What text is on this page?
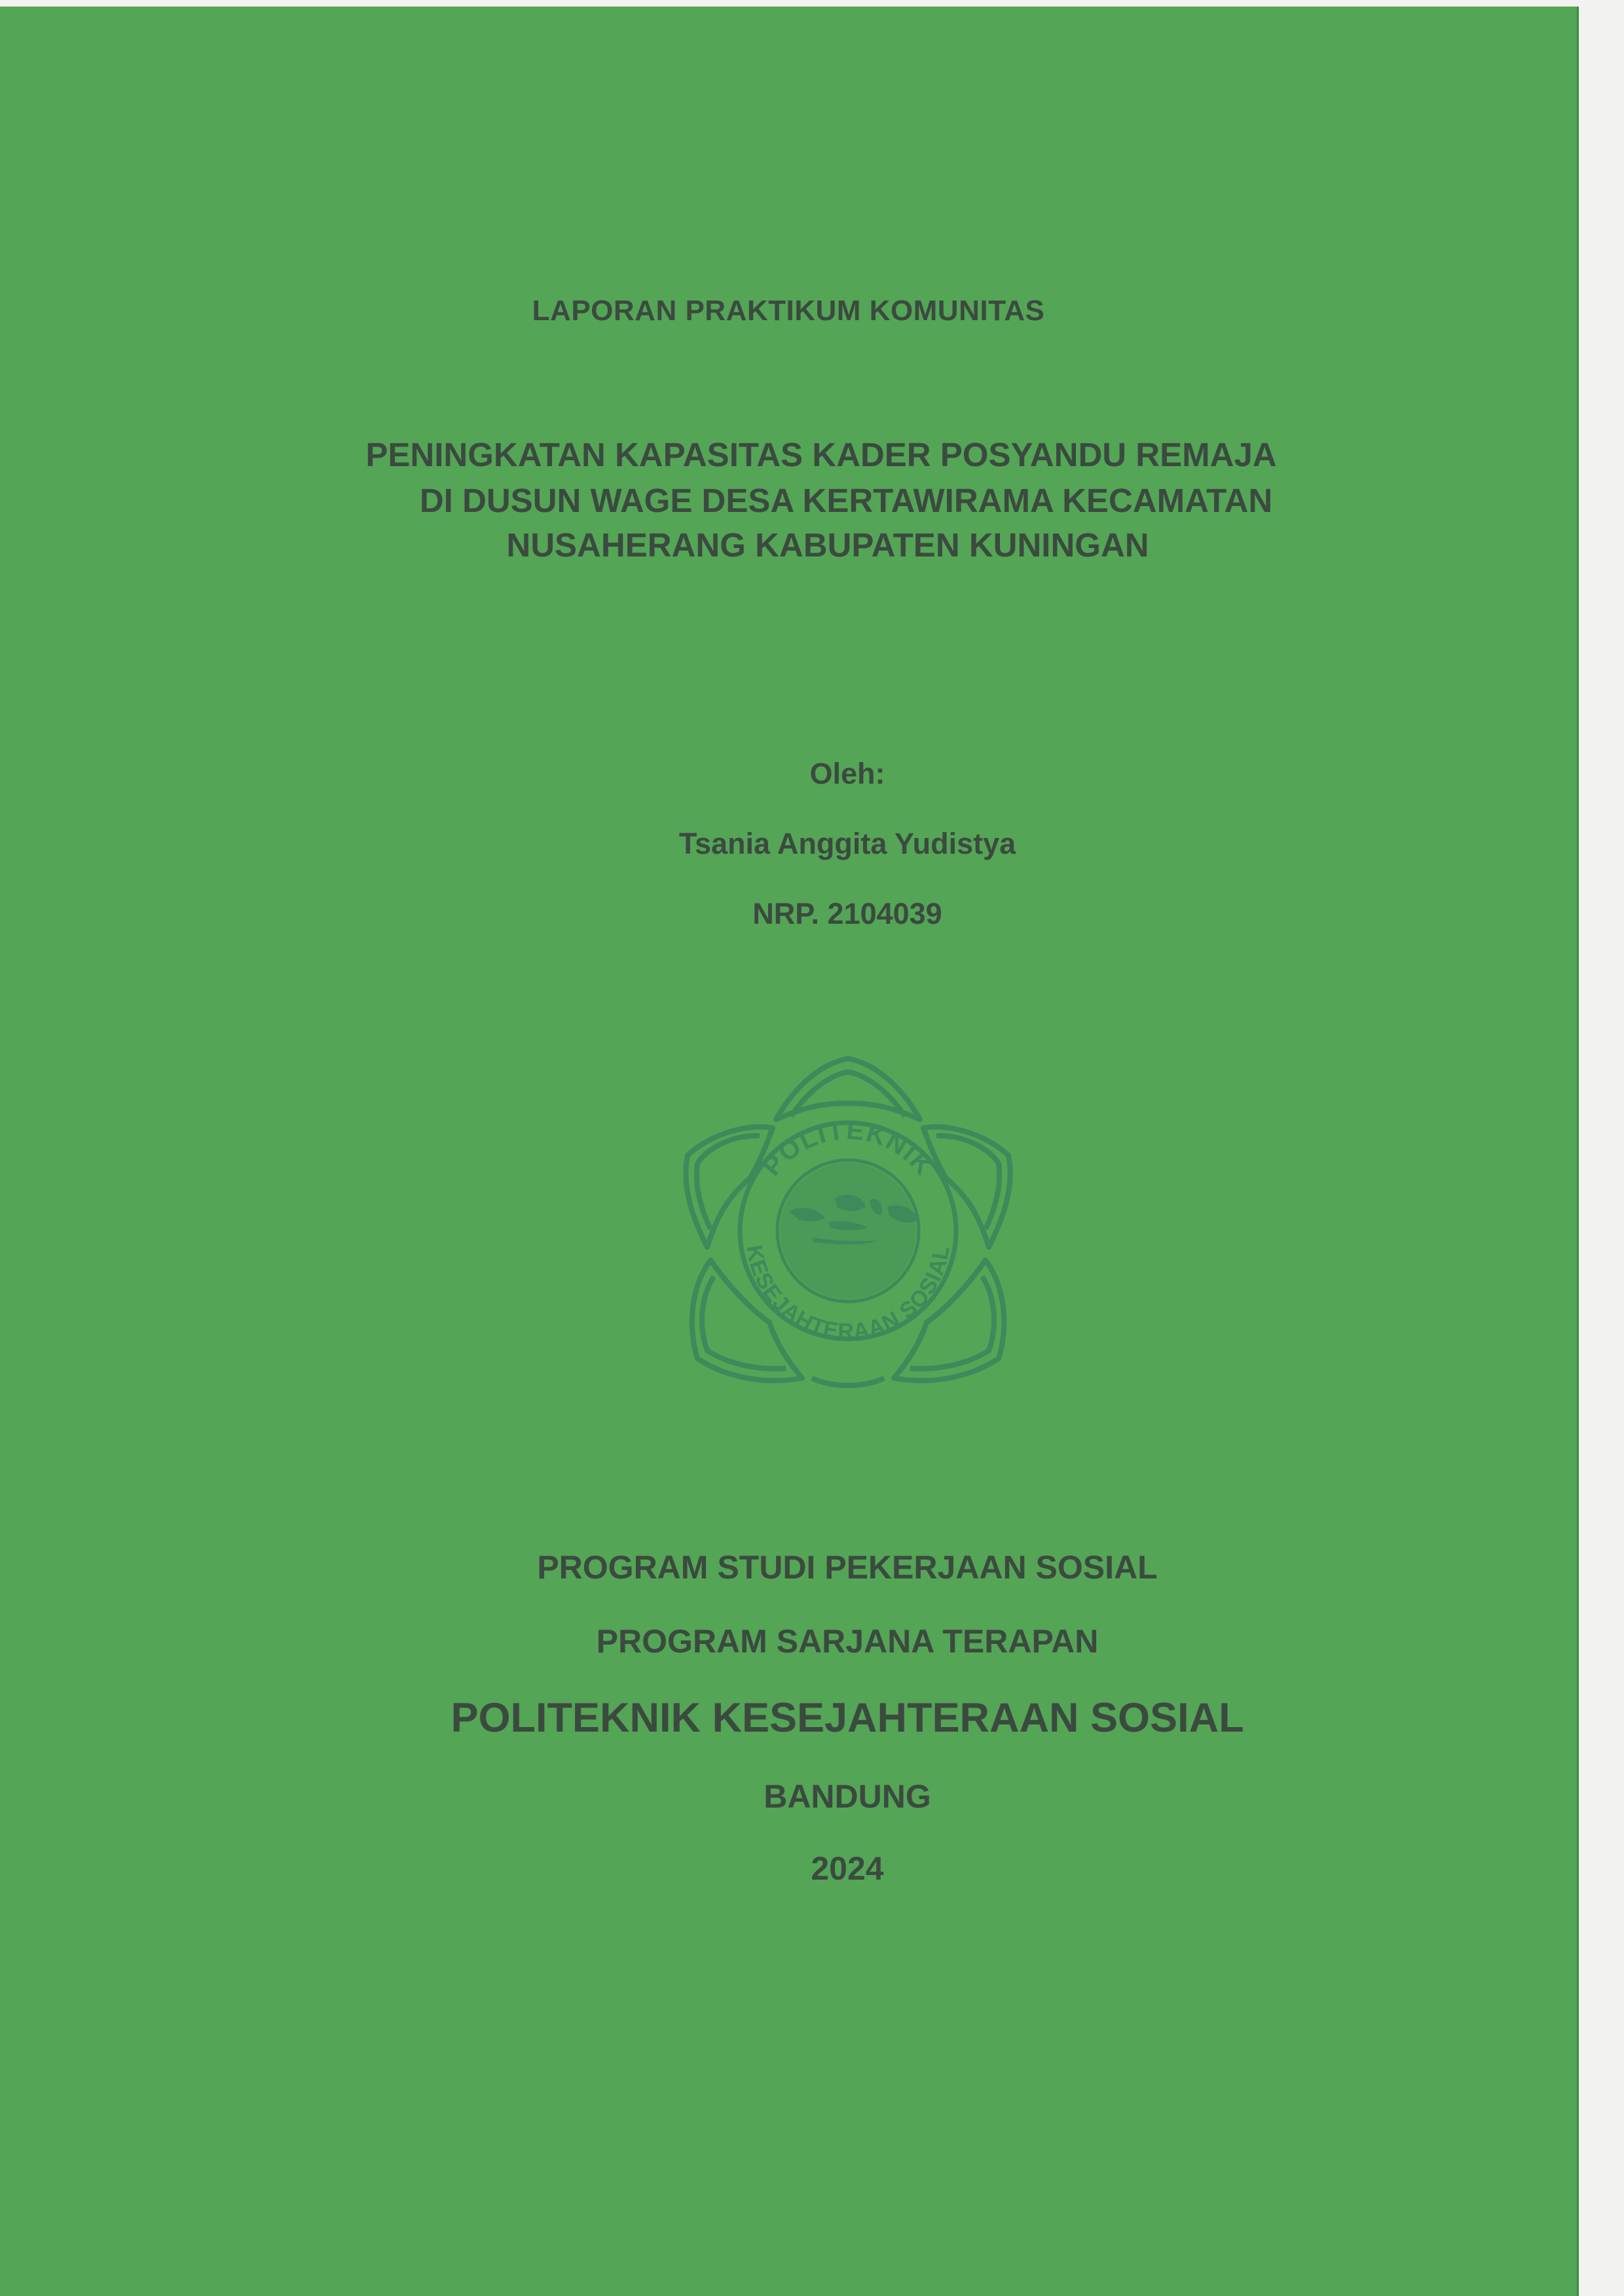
LAPORAN PRAKTIKUM KOMUNITAS
PENINGKATAN KAPASITAS KADER POSYANDU REMAJA
DI DUSUN WAGE DESA KERTAWIRAMA KECAMATAN
NUSAHERANG KABUPATEN KUNINGAN
Oleh:
Tsania Anggita Yudistya
NRP. 2104039
POLITEKNIK
KESEJAHTERAAN SOSIAL
PROGRAM STUDI PEKERJAAN SOSIAL
PROGRAM SARJANA TERAPAN
POLITEKNIK KESEJAHTERAAN SOSIAL
BANDUNG
2024
